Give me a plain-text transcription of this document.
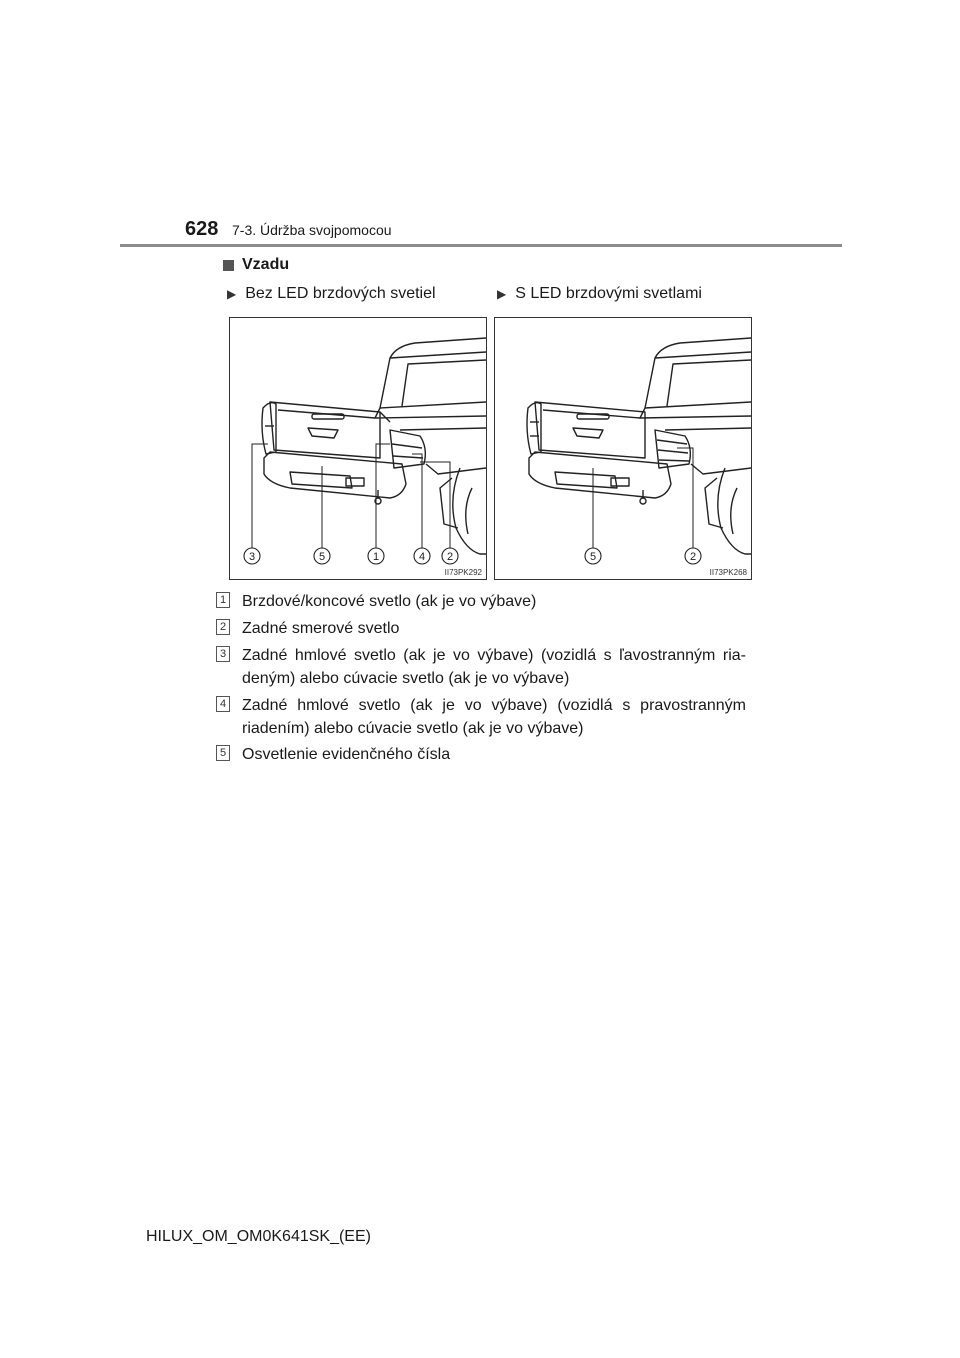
628 7-3. Údržba svojpomocou
Vzadu
▶ Bez LED brzdových svetiel	▶ S LED brzdovými svetlami
3	5	1	4 2
II73PK292
5	2
II73PK268
1 Brzdové/koncové svetlo (ak je vo výbave)
2 Zadné smerové svetlo
3 Zadné hmlové svetlo (ak je vo výbave) (vozidlá s ľavostranným ria-deným) alebo cúvacie svetlo (ak je vo výbave)
4 Zadné hmlové svetlo (ak je vo výbave) (vozidlá s pravostranným riadením) alebo cúvacie svetlo (ak je vo výbave)
5 Osvetlenie evidenčného čísla
HILUX_OM_OM0K641SK_(EE)
